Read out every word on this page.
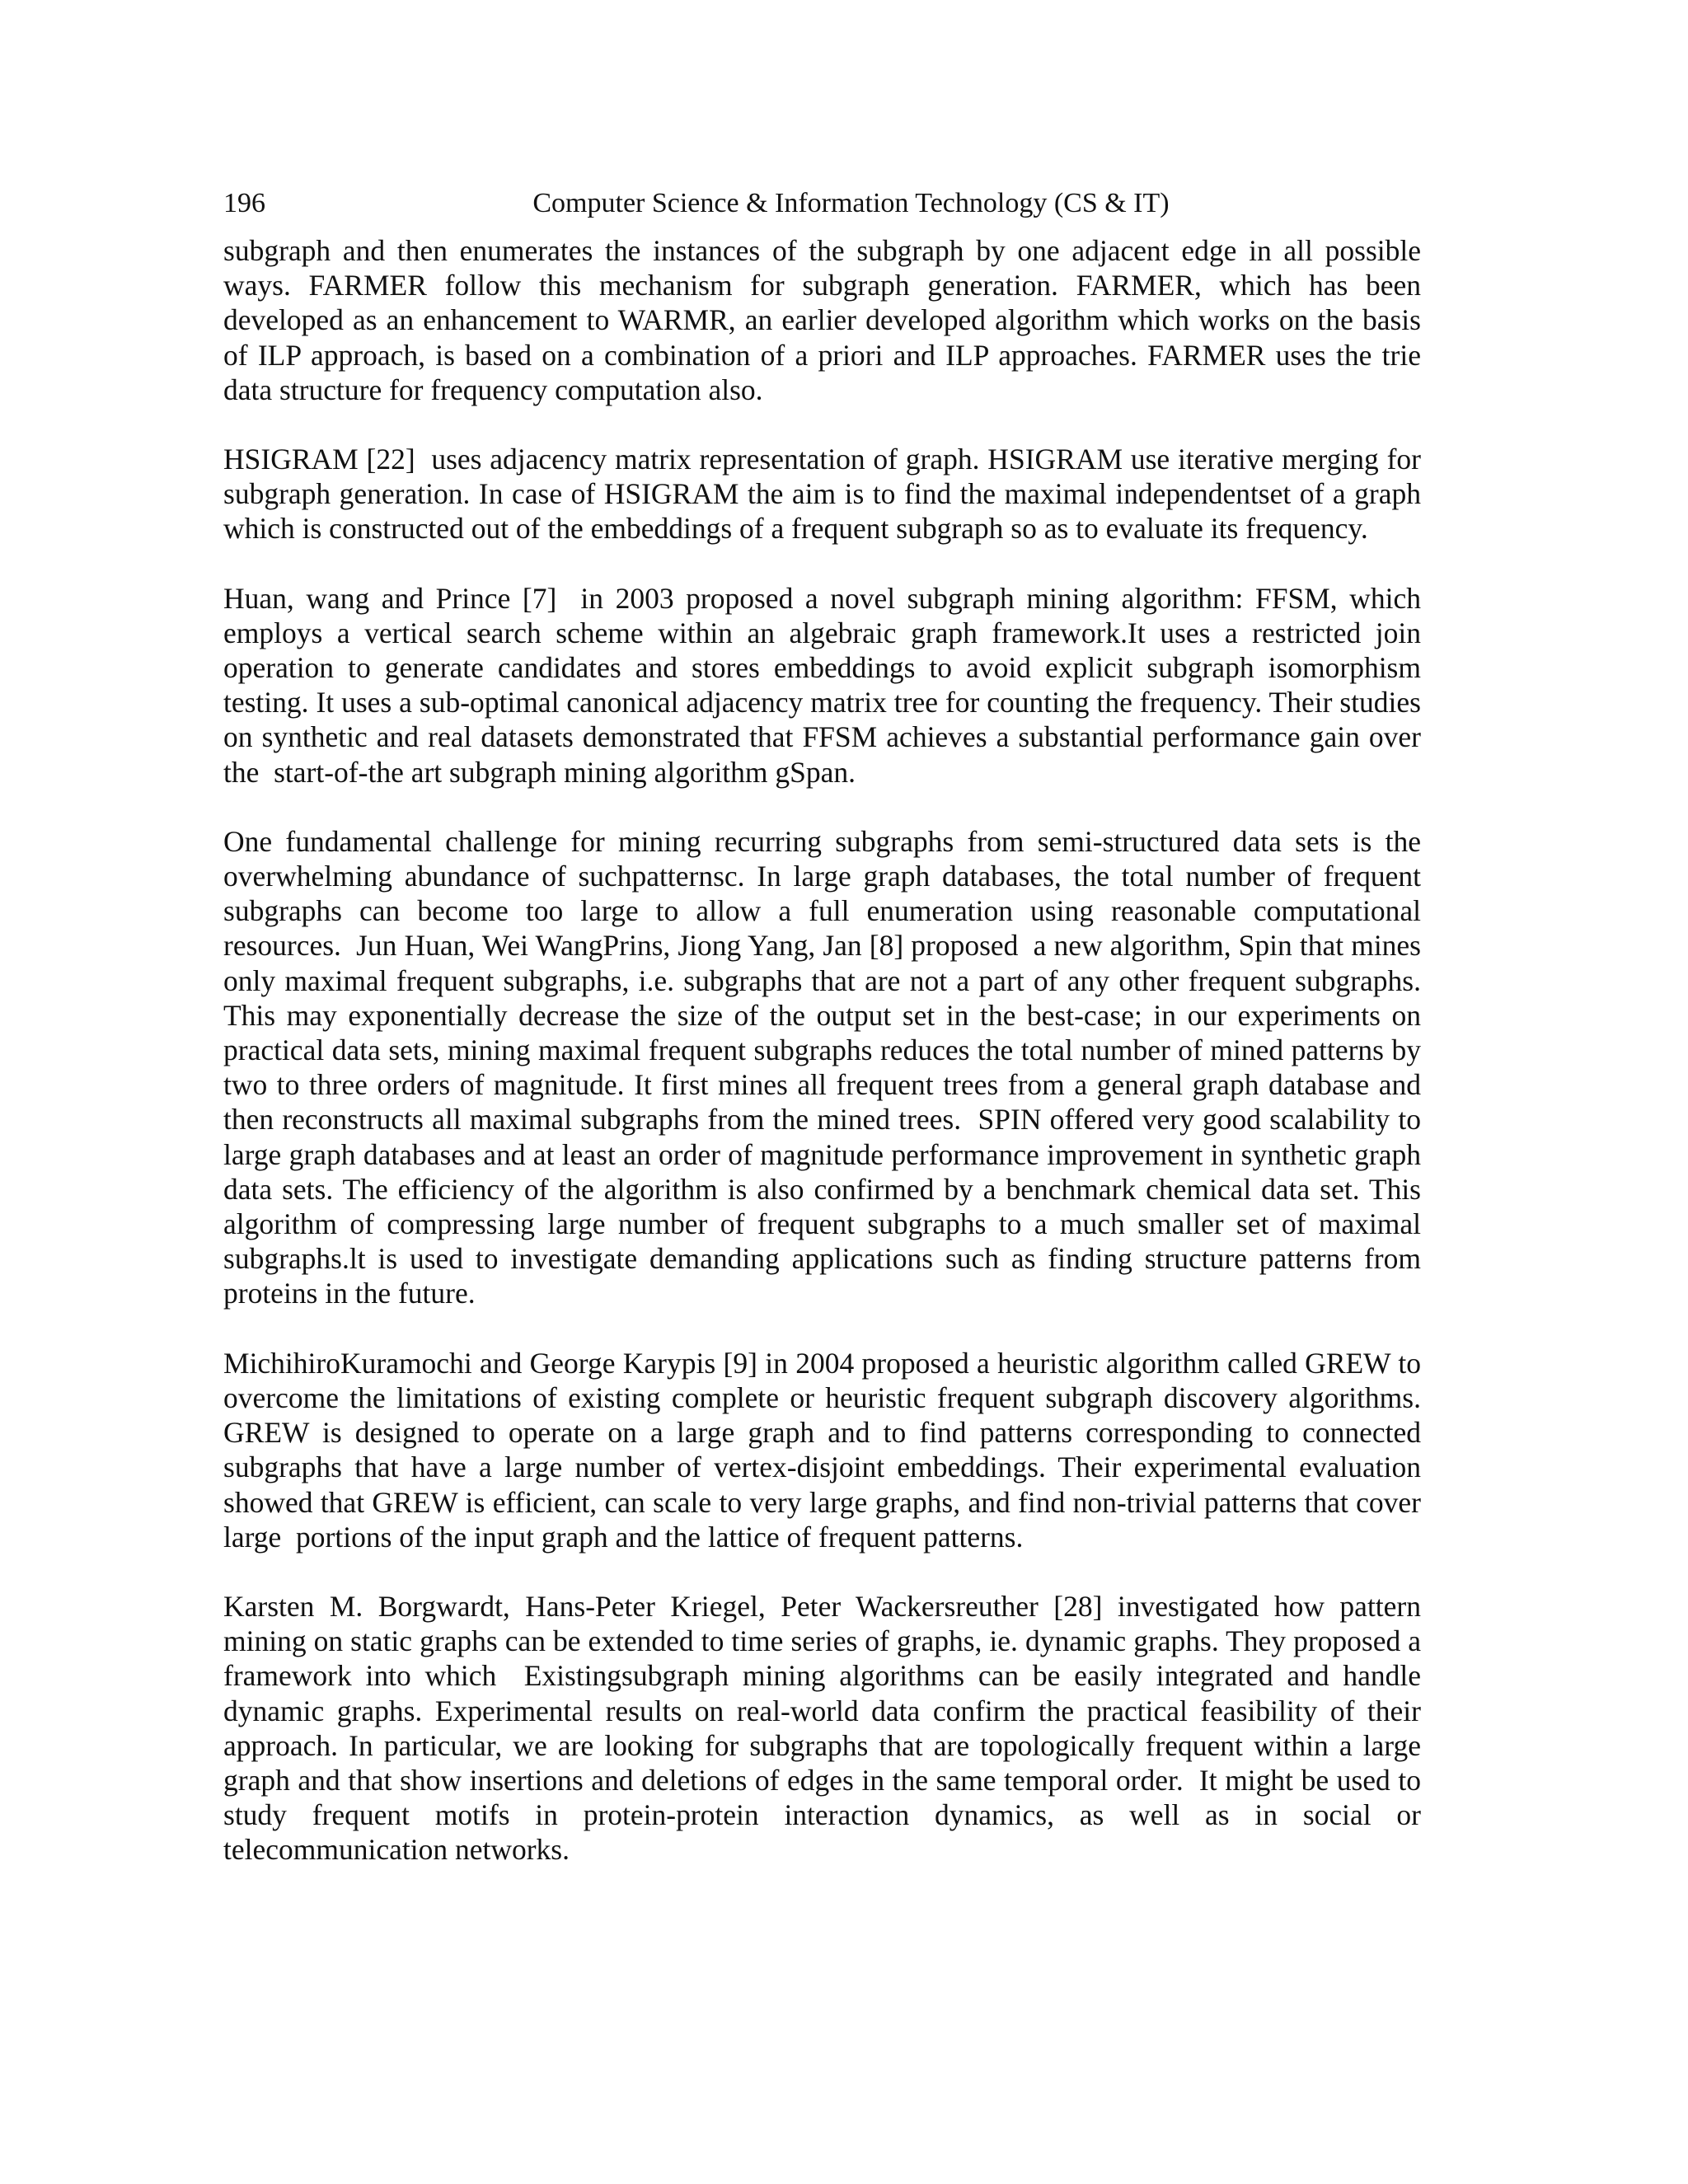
196	Computer Science & Information Technology (CS & IT)

subgraph and then enumerates the instances of the subgraph by one adjacent edge in all possible ways. FARMER follow this mechanism for subgraph generation. FARMER, which has been developed as an enhancement to WARMR, an earlier developed algorithm which works on the basis of ILP approach, is based on a combination of a priori and ILP approaches. FARMER uses the trie data structure for frequency computation also.

HSIGRAM [22]  uses adjacency matrix representation of graph. HSIGRAM use iterative merging for subgraph generation. In case of HSIGRAM the aim is to find the maximal independentset of a graph which is constructed out of the embeddings of a frequent subgraph so as to evaluate its frequency.

Huan, wang and Prince [7]  in 2003 proposed a novel subgraph mining algorithm: FFSM, which employs a vertical search scheme within an algebraic graph framework.It uses a restricted join operation to generate candidates and stores embeddings to avoid explicit subgraph isomorphism testing. It uses a sub-optimal canonical adjacency matrix tree for counting the frequency. Their studies on synthetic and real datasets demonstrated that FFSM achieves a substantial performance gain over the  start-of-the art subgraph mining algorithm gSpan.

One fundamental challenge for mining recurring subgraphs from semi-structured data sets is the overwhelming abundance of suchpatternsc. In large graph databases, the total number of frequent subgraphs can become too large to allow a full enumeration using reasonable computational resources.  Jun Huan, Wei WangPrins, Jiong Yang, Jan [8] proposed  a new algorithm, Spin that mines only maximal frequent subgraphs, i.e. subgraphs that are not a part of any other frequent subgraphs. This may exponentially decrease the size of the output set in the best-case; in our experiments on practical data sets, mining maximal frequent subgraphs reduces the total number of mined patterns by two to three orders of magnitude. It first mines all frequent trees from a general graph database and then reconstructs all maximal subgraphs from the mined trees.  SPIN offered very good scalability to large graph databases and at least an order of magnitude performance improvement in synthetic graph data sets. The efficiency of the algorithm is also confirmed by a benchmark chemical data set. This algorithm of compressing large number of frequent subgraphs to a much smaller set of maximal subgraphs.lt is used to investigate demanding applications such as finding structure patterns from proteins in the future.

MichihiroKuramochi and George Karypis [9] in 2004 proposed a heuristic algorithm called GREW to overcome the limitations of existing complete or heuristic frequent subgraph discovery algorithms. GREW is designed to operate on a large graph and to find patterns corresponding to connected subgraphs that have a large number of vertex-disjoint embeddings. Their experimental evaluation showed that GREW is efficient, can scale to very large graphs, and find non-trivial patterns that cover large  portions of the input graph and the lattice of frequent patterns.

Karsten M. Borgwardt, Hans-Peter Kriegel, Peter Wackersreuther [28] investigated how pattern mining on static graphs can be extended to time series of graphs, ie. dynamic graphs. They proposed a framework into which  Existingsubgraph mining algorithms can be easily integrated and handle dynamic graphs. Experimental results on real-world data confirm the practical feasibility of their approach. In particular, we are looking for subgraphs that are topologically frequent within a large graph and that show insertions and deletions of edges in the same temporal order.  It might be used to study frequent motifs in protein-protein interaction dynamics, as well as in social or    telecommunication networks.
